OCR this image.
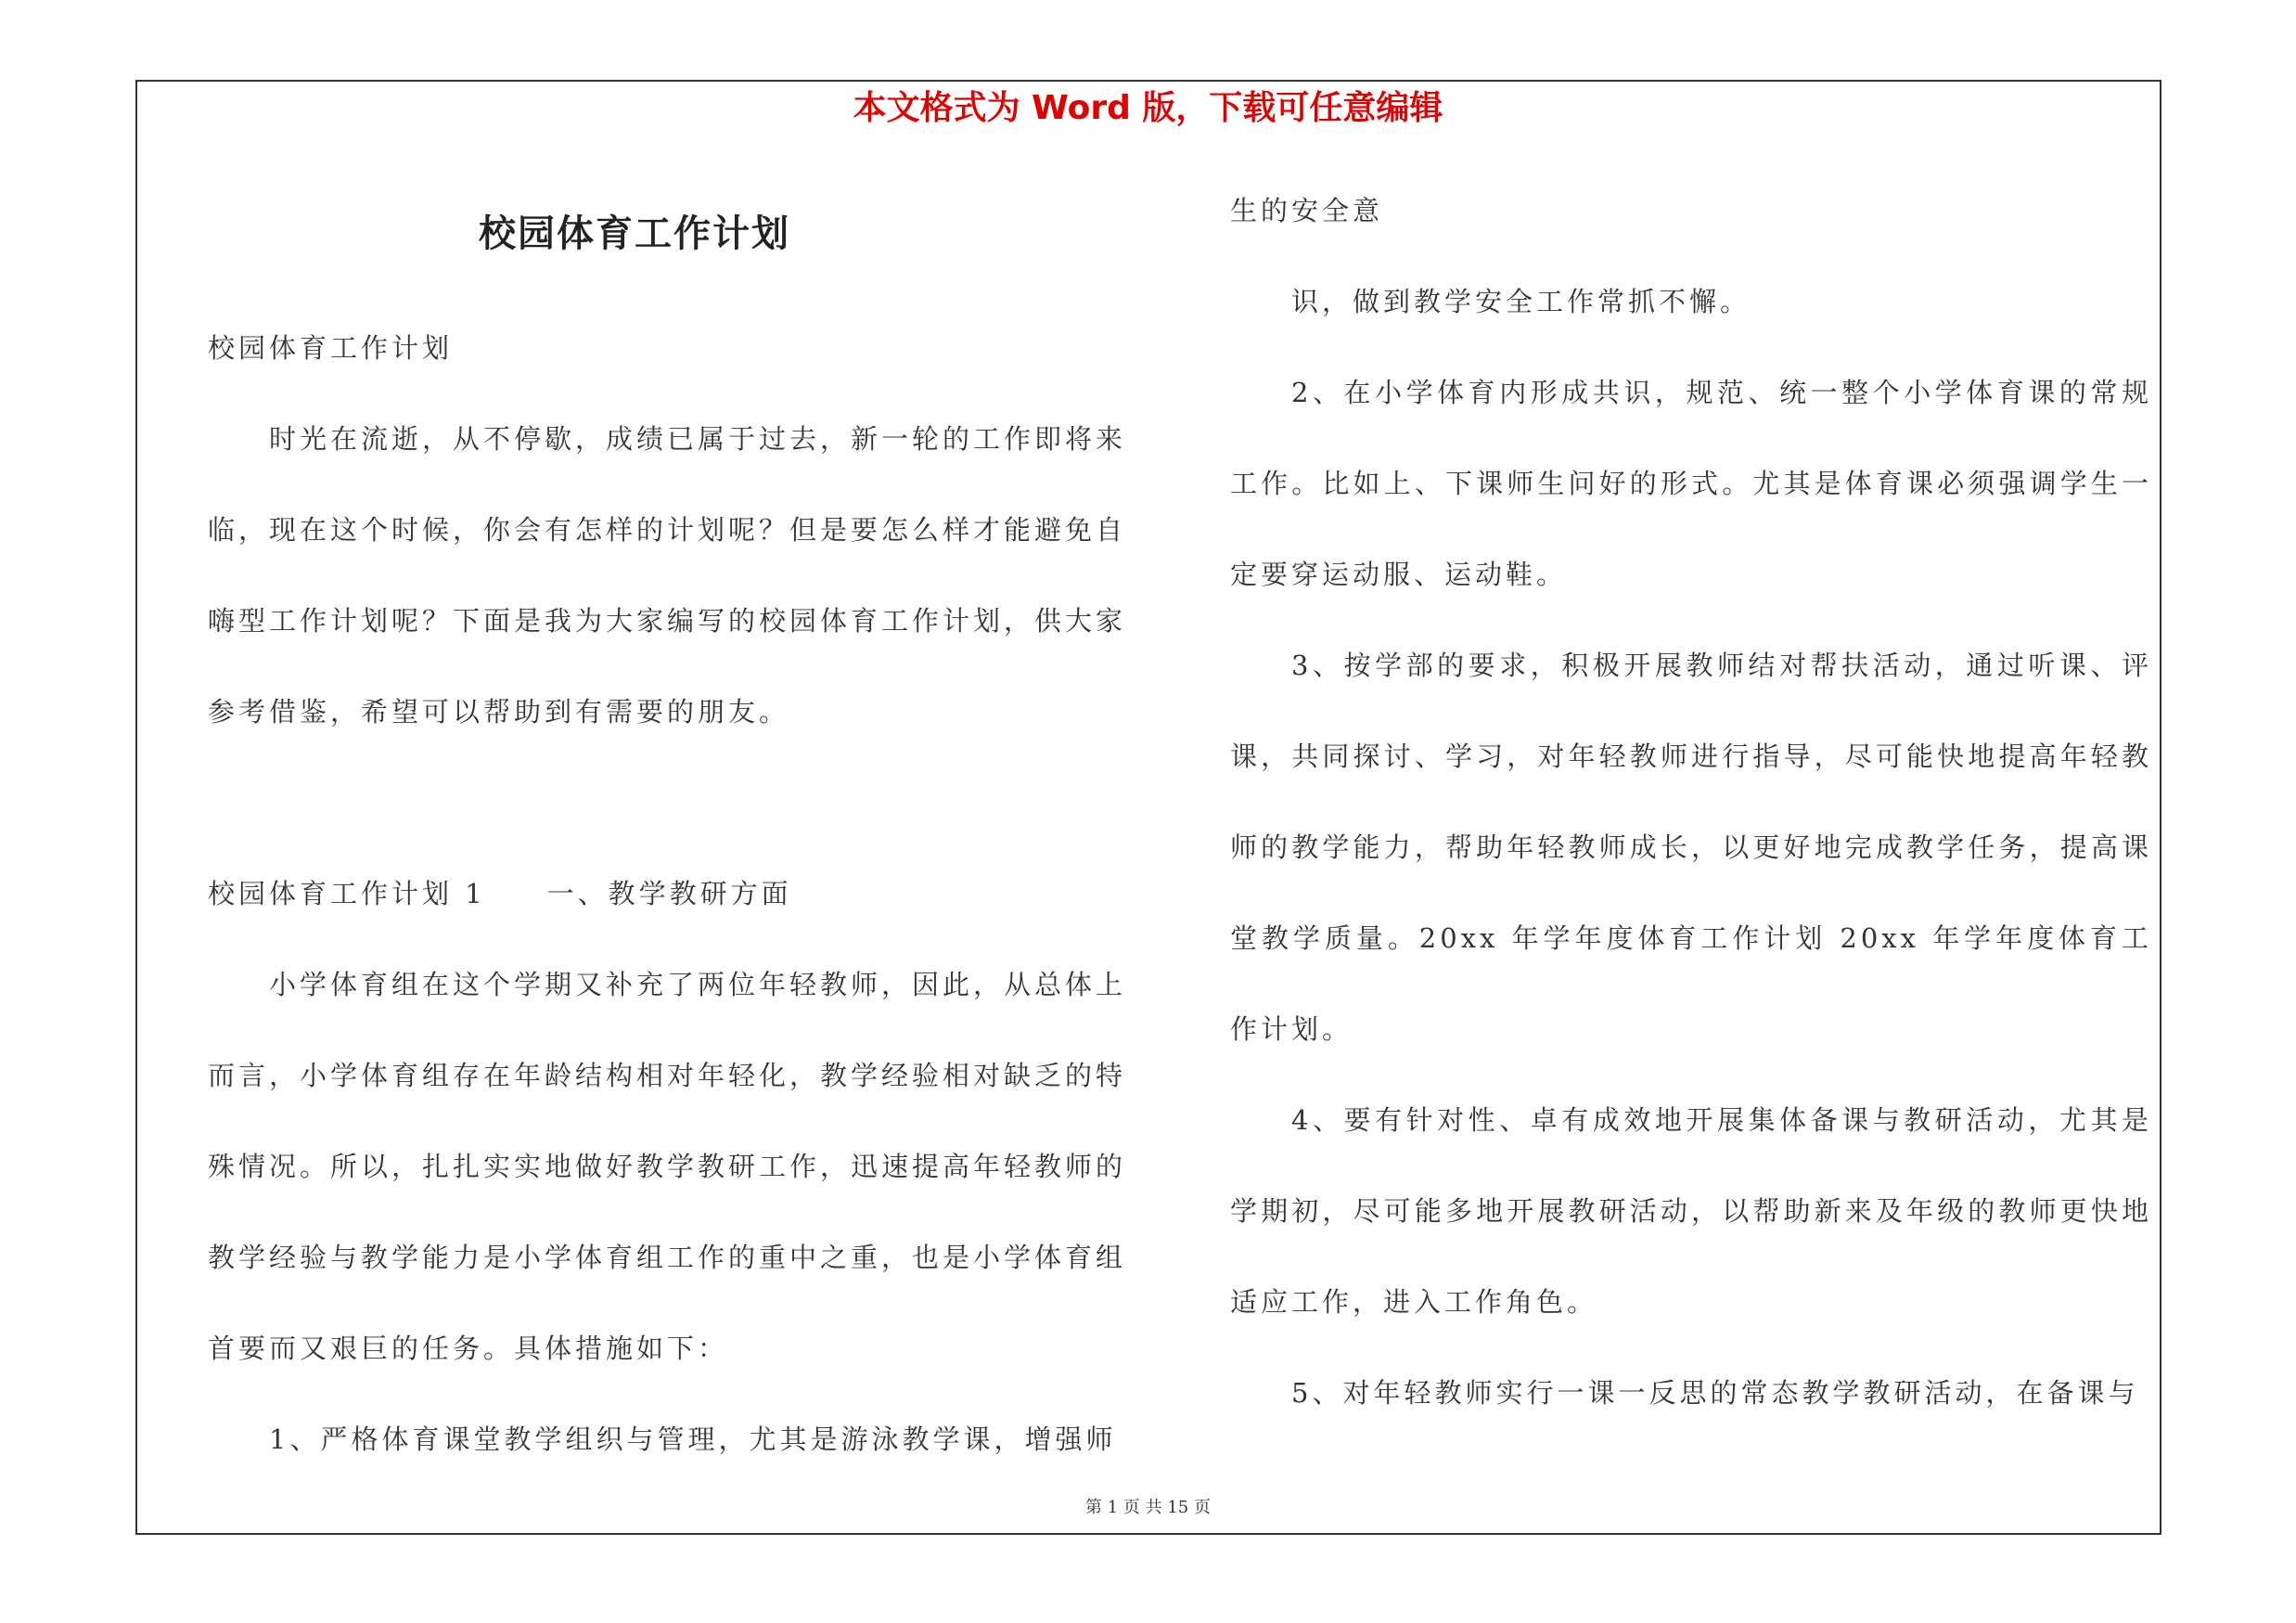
本文格式为 Word 版，下载可任意编辑
校园体育工作计划

校园体育工作计划

时光在流逝，从不停歇，成绩已属于过去，新一轮的工作即将来临，现在这个时候，你会有怎样的计划呢？但是要怎么样才能避免自嗨型工作计划呢？下面是我为大家编写的校园体育工作计划，供大家参考借鉴，希望可以帮助到有需要的朋友。

校园体育工作计划 1 一、教学教研方面

小学体育组在这个学期又补充了两位年轻教师，因此，从总体上而言，小学体育组存在年龄结构相对年轻化，教学经验相对缺乏的特殊情况。所以，扎扎实实地做好教学教研工作，迅速提高年轻教师的教学经验与教学能力是小学体育组工作的重中之重，也是小学体育组首要而又艰巨的任务。具体措施如下：

1、严格体育课堂教学组织与管理，尤其是游泳教学课，增强师

生的安全意

识，做到教学安全工作常抓不懈。

2、在小学体育内形成共识，规范、统一整个小学体育课的常规工作。比如上、下课师生问好的形式。尤其是体育课必须强调学生一定要穿运动服、运动鞋。

3、按学部的要求，积极开展教师结对帮扶活动，通过听课、评课，共同探讨、学习，对年轻教师进行指导，尽可能快地提高年轻教师的教学能力，帮助年轻教师成长，以更好地完成教学任务，提高课堂教学质量。20xx 年学年度体育工作计划 20xx 年学年度体育工作计划。

4、要有针对性、卓有成效地开展集体备课与教研活动，尤其是学期初，尽可能多地开展教研活动，以帮助新来及年级的教师更快地适应工作，进入工作角色。

5、对年轻教师实行一课一反思的常态教学教研活动，在备课与

第 1 页 共 15 页
